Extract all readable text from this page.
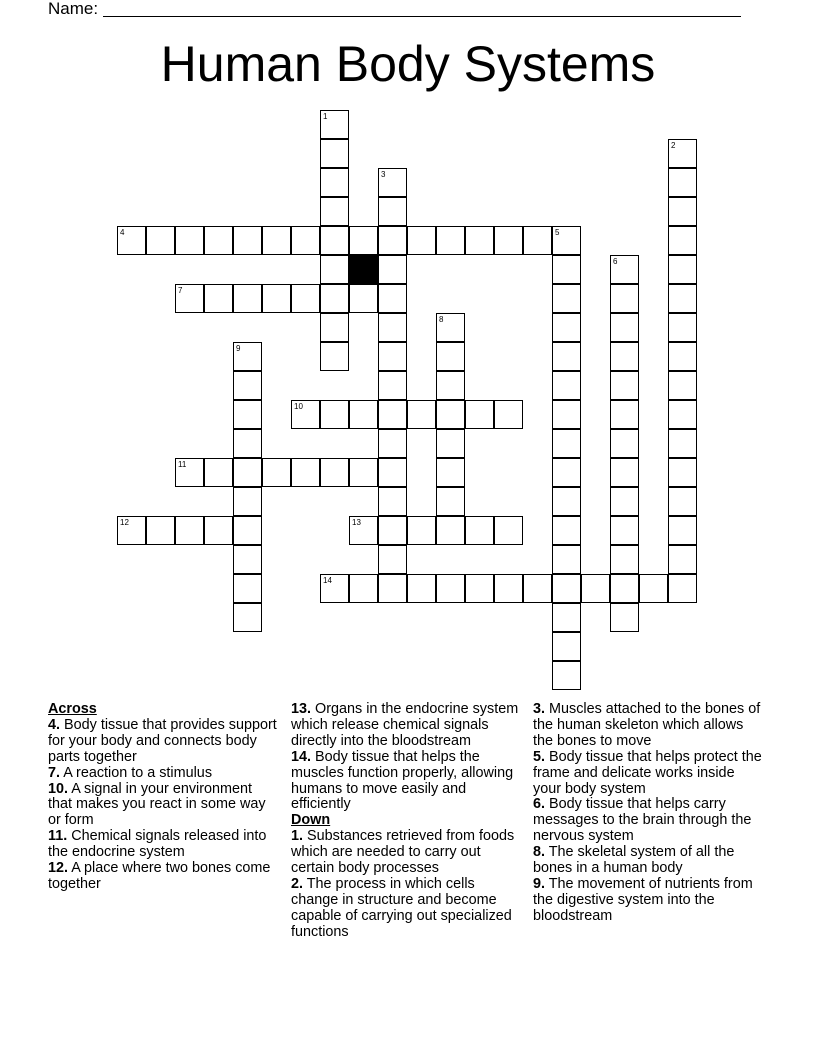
Name:
Human Body Systems
1
2
3
4	5
6
7
8
9
10
11
12	13
14
Across
4. Body tissue that provides support for your body and connects body parts together
7. A reaction to a stimulus
10. A signal in your environment that makes you react in some way or form
11. Chemical signals released into the endocrine system
12. A place where two bones come together
13. Organs in the endocrine system which release chemical signals directly into the bloodstream
14. Body tissue that helps the muscles function properly, allowing humans to move easily and efficiently
Down
1. Substances retrieved from foods which are needed to carry out certain body processes
2. The process in which cells change in structure and become capable of carrying out specialized functions
3. Muscles attached to the bones of the human skeleton which allows the bones to move
5. Body tissue that helps protect the frame and delicate works inside your body system
6. Body tissue that helps carry messages to the brain through the nervous system
8. The skeletal system of all the bones in a human body
9. The movement of nutrients from the digestive system into the bloodstream
